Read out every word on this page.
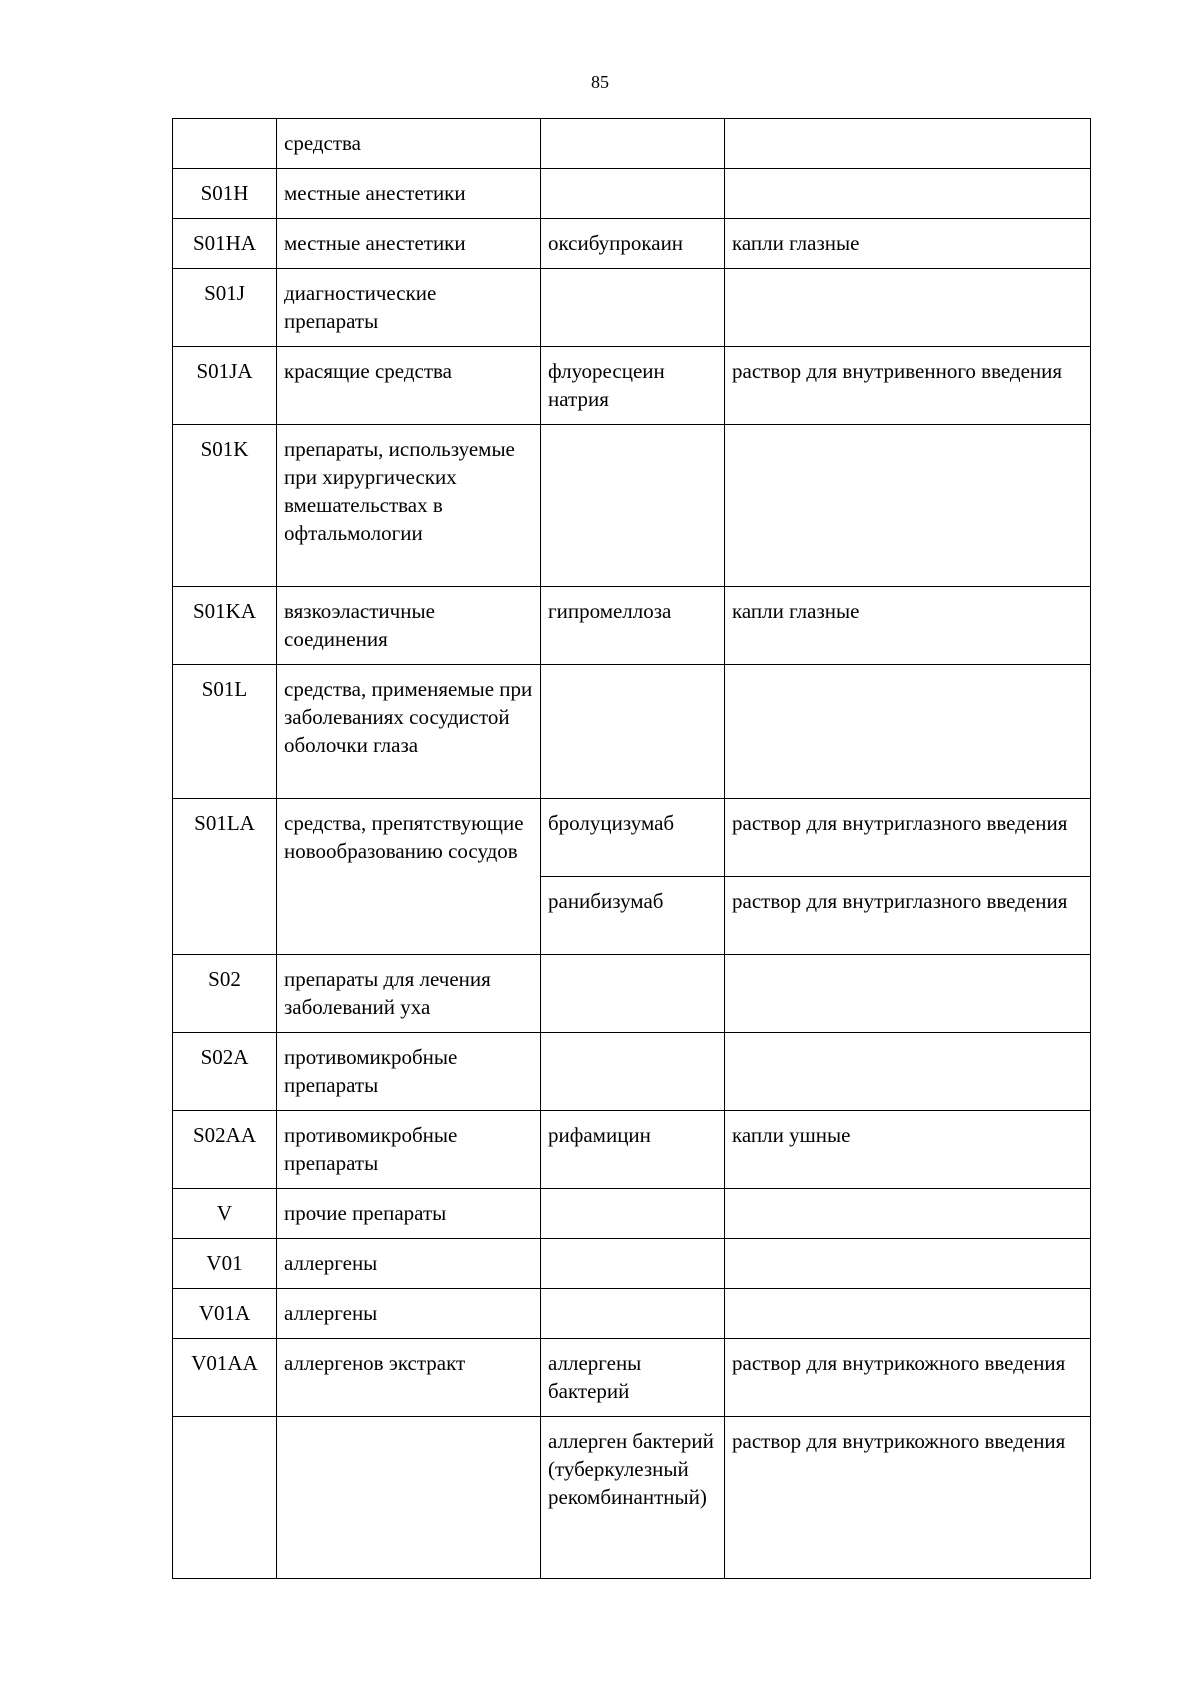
85
	средства		
S01H	местные анестетики		
S01HA	местные анестетики	оксибупрокаин	капли глазные
S01J	диагностические препараты		
S01JA	красящие средства	флуоресцеин натрия	раствор для внутривенного введения
S01K	препараты, используемые при хирургических вмешательствах в офтальмологии		
S01KA	вязкоэластичные соединения	гипромеллоза	капли глазные
S01L	средства, применяемые при заболеваниях сосудистой оболочки глаза		
S01LA	средства, препятствующие новообразованию сосудов	бролуцизумаб	раствор для внутриглазного введения
		ранибизумаб	раствор для внутриглазного введения
S02	препараты для лечения заболеваний уха		
S02A	противомикробные препараты		
S02AA	противомикробные препараты	рифамицин	капли ушные
V	прочие препараты		
V01	аллергены		
V01A	аллергены		
V01AA	аллергенов экстракт	аллергены бактерий	раствор для внутрикожного введения
		аллерген бактерий (туберкулезный рекомбинантный)	раствор для внутрикожного введения
